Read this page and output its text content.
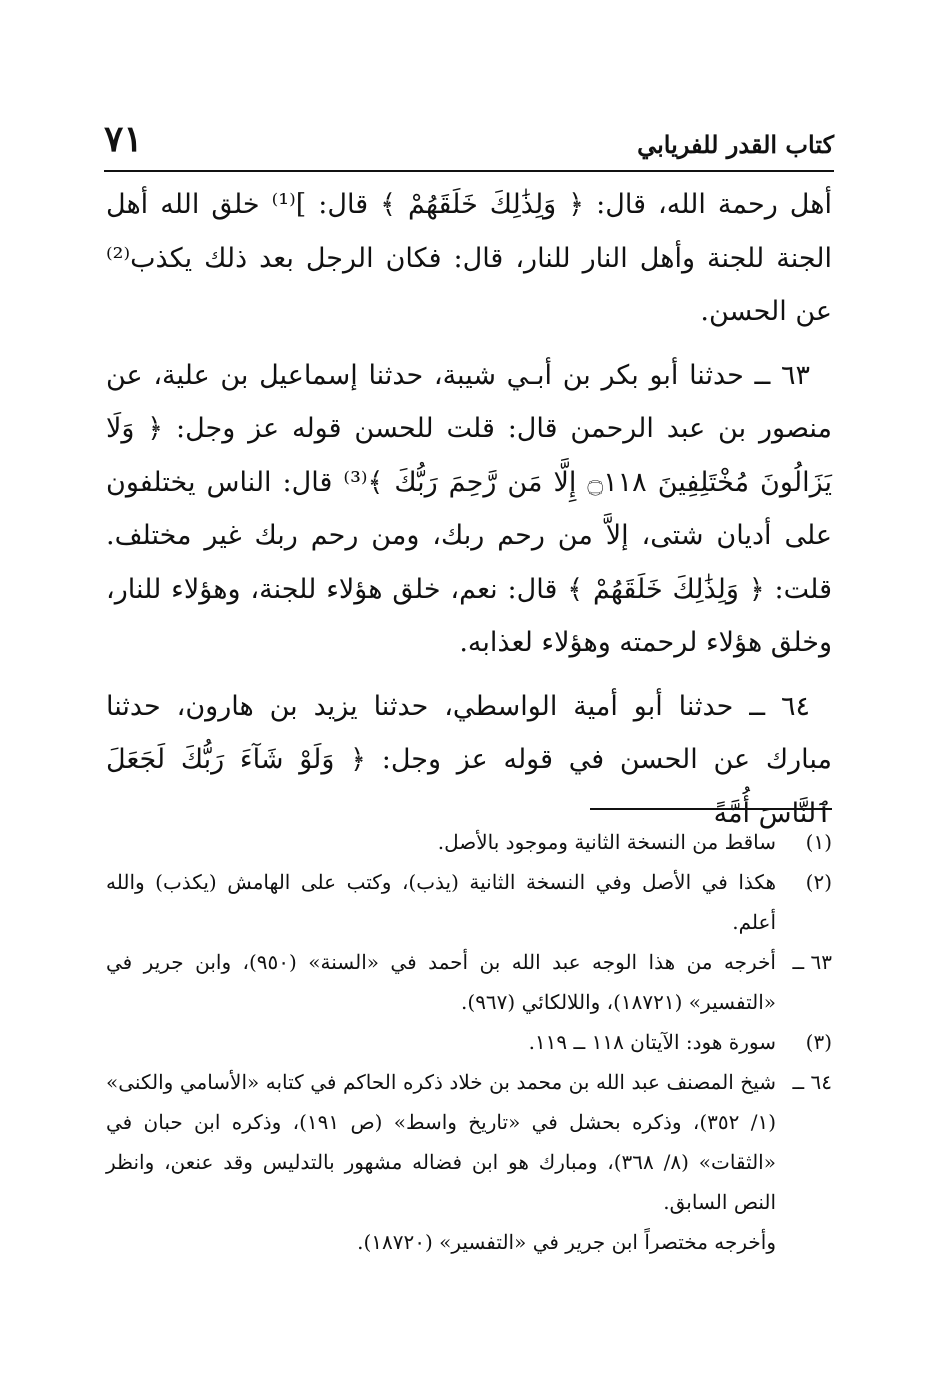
كتاب القدر للفريابي
٧١

أهل رحمة الله، قال: ﴿ وَلِذَٰلِكَ خَلَقَهُمْ ﴾ قال: ]⁽¹⁾ خلق الله أهل الجنة للجنة وأهل النار للنار، قال: فكان الرجل بعد ذلك يكذب⁽²⁾ عن الحسن.

٦٣ ــ حدثنا أبو بكر بن أبـي شيبة، حدثنا إسماعيل بن علية، عن منصور بن عبد الرحمن قال: قلت للحسن قوله عز وجل: ﴿ وَلَا يَزَالُونَ مُخْتَلِفِينَ ۝١١٨ إِلَّا مَن رَّحِمَ رَبُّكَ ﴾⁽³⁾ قال: الناس يختلفون على أديان شتى، إلاَّ من رحم ربك، ومن رحم ربك غير مختلف. قلت: ﴿ وَلِذَٰلِكَ خَلَقَهُمْ ﴾ قال: نعم، خلق هؤلاء للجنة، وهؤلاء للنار، وخلق هؤلاء لرحمته وهؤلاء لعذابه.

٦٤ ــ حدثنا أبو أمية الواسطي، حدثنا يزيد بن هارون، حدثنا مبارك عن الحسن في قوله عز وجل: ﴿ وَلَوْ شَآءَ رَبُّكَ لَجَعَلَ ٱلنَّاسَ أُمَّةً

(١)
ساقط من النسخة الثانية وموجود بالأصل.
(٢)
هكذا في الأصل وفي النسخة الثانية (يذب)، وكتب على الهامش (يكذب) والله أعلم.
٦٣ ــ
أخرجه من هذا الوجه عبد الله بن أحمد في «السنة» (٩٥٠)، وابن جرير في «التفسير» (١٨٧٢١)، واللالكائي (٩٦٧).
(٣)
سورة هود: الآيتان ١١٨ ــ ١١٩.
٦٤ ــ
شيخ المصنف عبد الله بن محمد بن خلاد ذكره الحاكم في كتابه «الأسامي والكنى» (١/ ٣٥٢)، وذكره بحشل في «تاريخ واسط» (ص ١٩١)، وذكره ابن حبان في «الثقات» (٨/ ٣٦٨)، ومبارك هو ابن فضاله مشهور بالتدليس وقد عنعن، وانظر النص السابق.
وأخرجه مختصراً ابن جرير في «التفسير» (١٨٧٢٠).
